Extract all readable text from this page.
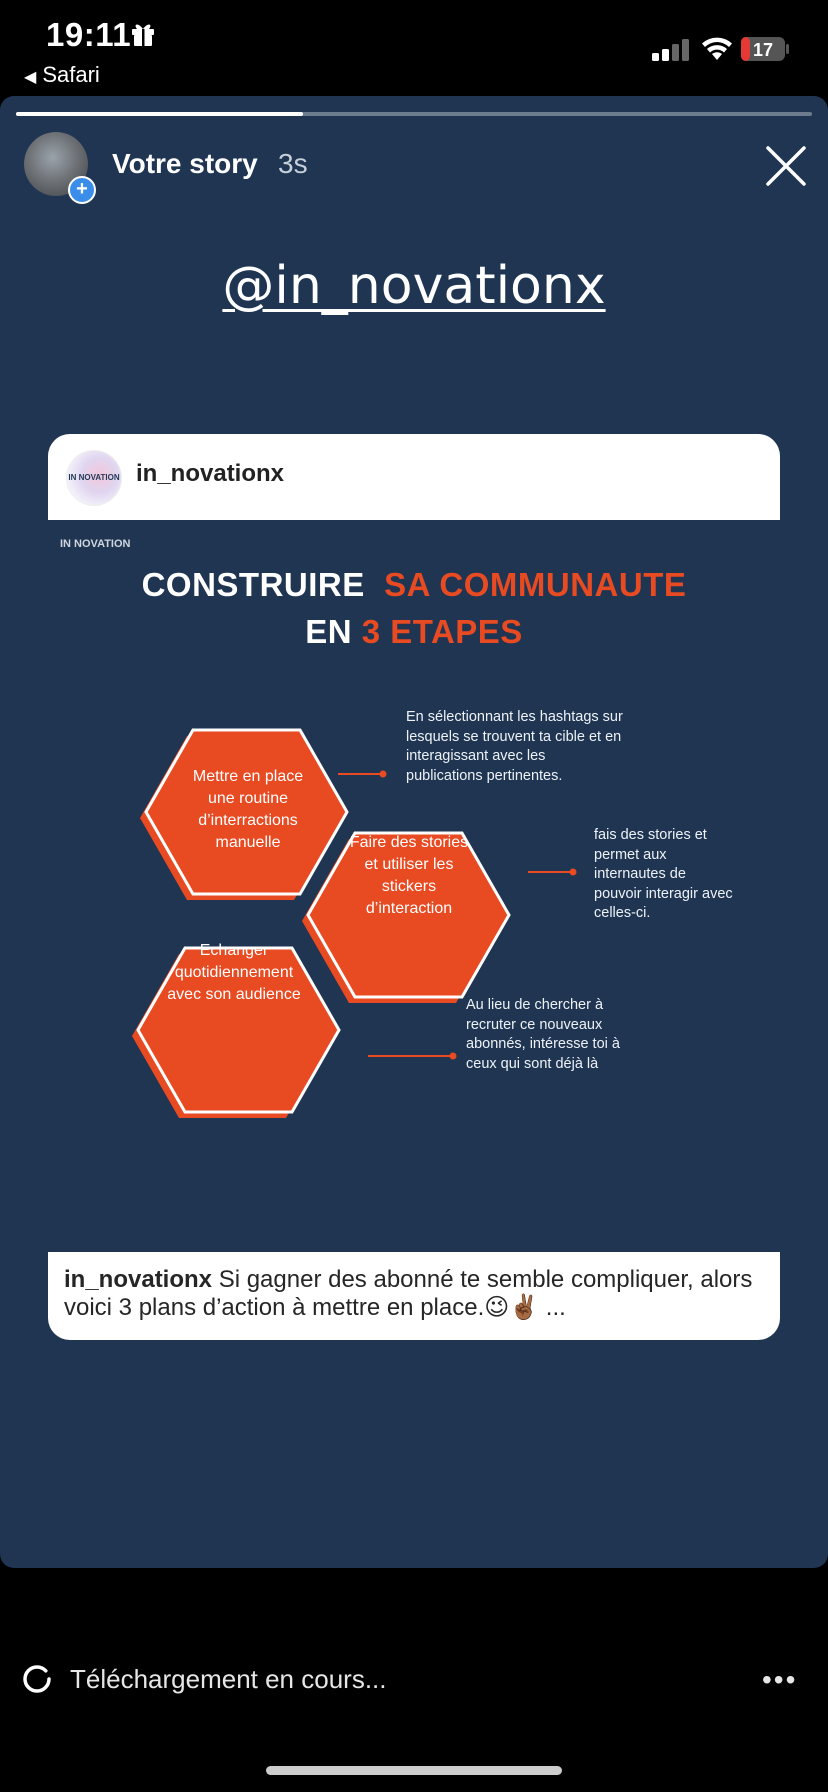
19:11
◀ Safari
17
+
Votre story 3s
@in_novationx
IN NOVATION in_novationx
IN NOVATION
CONSTRUIRE SA COMMUNAUTE
EN 3 ETAPES
Mettre en place une routine d’interractions manuelle	Faire des stories et utiliser les stickers d’interaction
Echanger quotidiennement avec son audience
En sélectionnant les hashtags sur lesquels se trouvent ta cible et en interagissant avec les publications pertinentes.
fais des stories et permet aux internautes de pouvoir interagir avec celles-ci.
Au lieu de chercher à recruter ce nouveaux abonnés, intéresse toi à ceux qui sont déjà là
in_novationx Si gagner des abonné te semble compliquer, alors voici 3 plans d’action à mettre en place.😉✌🏾 ...
Téléchargement en cours...	•••
